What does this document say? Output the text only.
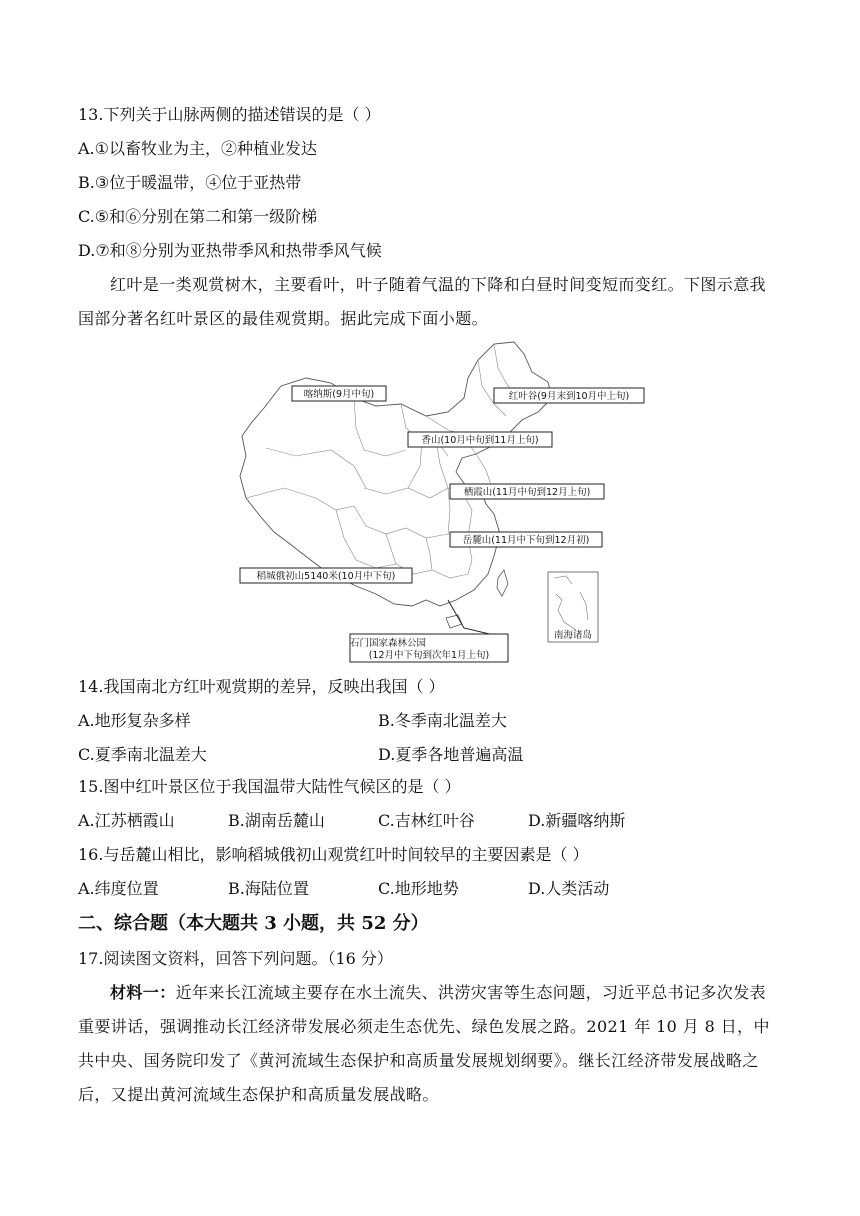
13.下列关于山脉两侧的描述错误的是（ ）
A.①以畜牧业为主，②种植业发达
B.③位于暖温带，④位于亚热带
C.⑤和⑥分别在第二和第一级阶梯
D.⑦和⑧分别为亚热带季风和热带季风气候
红叶是一类观赏树木，主要看叶，叶子随着气温的下降和白昼时间变短而变红。下图示意我国部分著名红叶景区的最佳观赏期。据此完成下面小题。
南海诸岛
喀纳斯(9月中旬)	红叶谷(9月末到10月中上旬)
香山(10月中旬到11月上旬)
栖霞山(11月中旬到12月上旬)
岳麓山(11月中下旬到12月初)
稻城俄初山5140米(10月中下旬)
石门国家森林公园
(12月中下旬到次年1月上旬)
14.我国南北方红叶观赏期的差异，反映出我国（ ）
A.地形复杂多样	B.冬季南北温差大
C.夏季南北温差大	D.夏季各地普遍高温
15.图中红叶景区位于我国温带大陆性气候区的是（ ）
A.江苏栖霞山	B.湖南岳麓山	C.吉林红叶谷	D.新疆喀纳斯
16.与岳麓山相比，影响稻城俄初山观赏红叶时间较早的主要因素是（ ）
A.纬度位置	B.海陆位置	C.地形地势	D.人类活动
二、综合题（本大题共 3 小题，共 52 分）
17.阅读图文资料，回答下列问题。（16 分）
材料一：近年来长江流域主要存在水土流失、洪涝灾害等生态问题，习近平总书记多次发表重要讲话，强调推动长江经济带发展必须走生态优先、绿色发展之路。2021 年 10 月 8 日，中共中央、国务院印发了《黄河流域生态保护和高质量发展规划纲要》。继长江经济带发展战略之后，又提出黄河流域生态保护和高质量发展战略。
